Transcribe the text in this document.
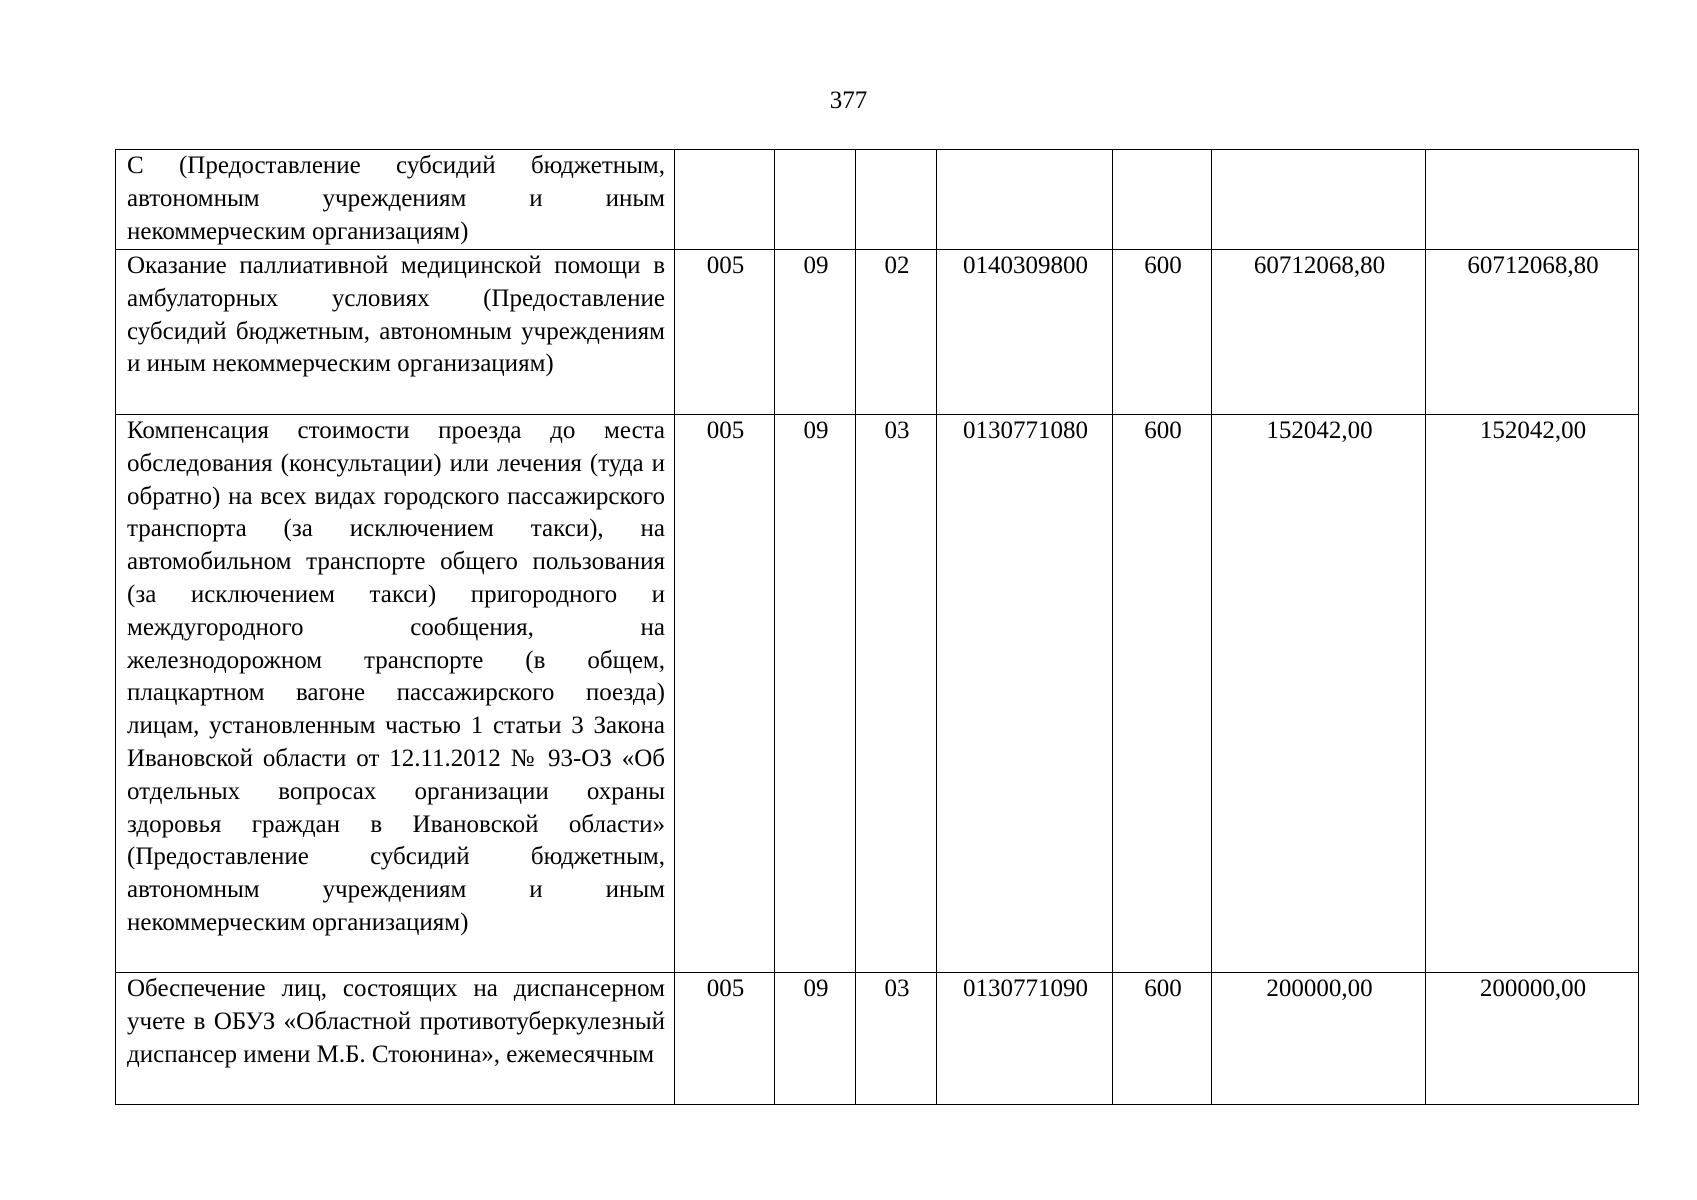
377
С (Предоставление субсидий бюджетным, автономным учреждениям и иным некоммерческим организациям)							
Оказание паллиативной медицинской помощи в амбулаторных условиях (Предоставление субсидий бюджетным, автономным учреждениям и иным некоммерческим организациям)	005	09	02	0140309800	600	60712068,80	60712068,80
Компенсация стоимости проезда до места обследования (консультации) или лечения (туда и обратно) на всех видах городского пассажирского транспорта (за исключением такси), на автомобильном транспорте общего пользования (за исключением такси) пригородного и междугородного сообщения, на железнодорожном транспорте (в общем, плацкартном вагоне пассажирского поезда) лицам, установленным частью 1 статьи 3 Закона Ивановской области от 12.11.2012 № 93-ОЗ «Об отдельных вопросах организации охраны здоровья граждан в Ивановской области» (Предоставление субсидий бюджетным, автономным учреждениям и иным некоммерческим организациям)	005	09	03	0130771080	600	152042,00	152042,00
Обеспечение лиц, состоящих на диспансерном учете в ОБУЗ «Областной противотуберкулезный диспансер имени М.Б. Стоюнина», ежемесячным	005	09	03	0130771090	600	200000,00	200000,00
